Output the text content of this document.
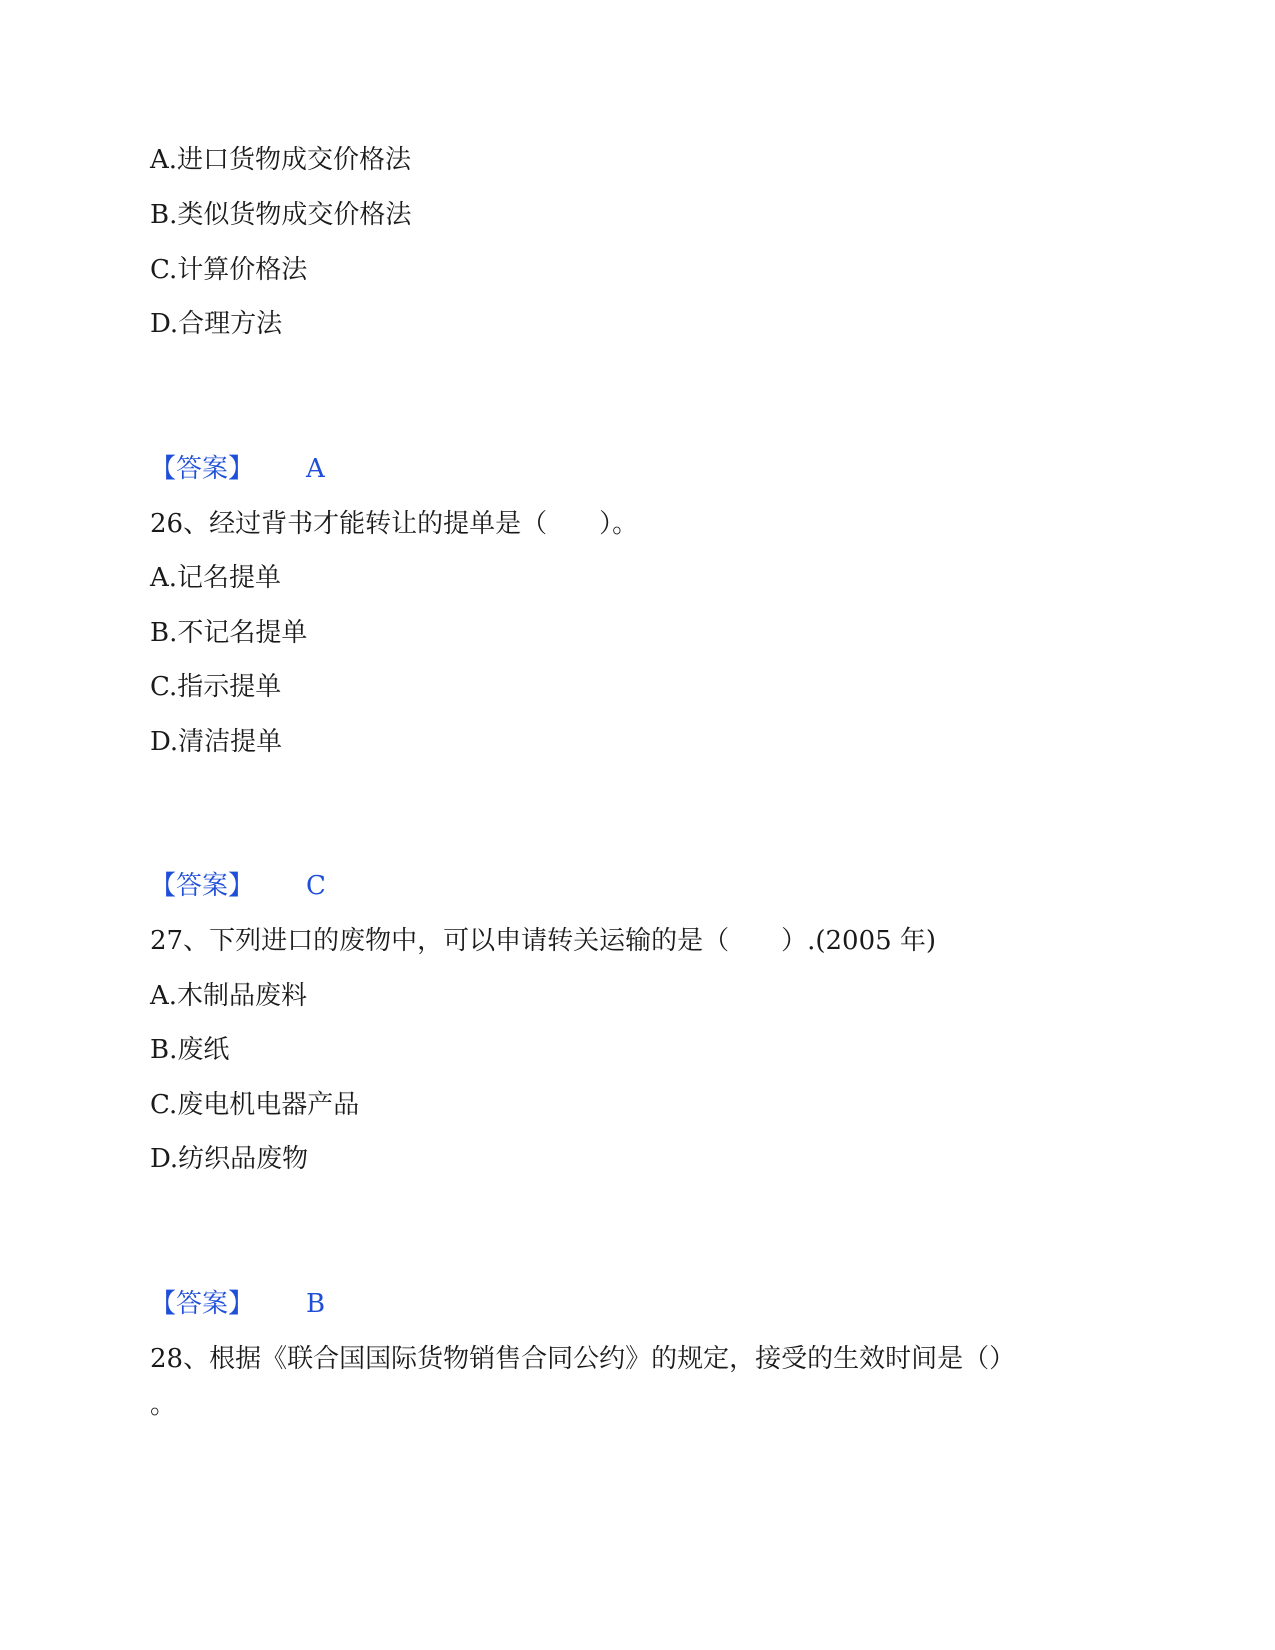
A.进口货物成交价格法
B.类似货物成交价格法
C.计算价格法
D.合理方法
【答案】 A
26、经过背书才能转让的提单是（　　）。
A.记名提单
B.不记名提单
C.指示提单
D.清洁提单
【答案】 C
27、下列进口的废物中，可以申请转关运输的是（　　）.(2005 年)
A.木制品废料
B.废纸
C.废电机电器产品
D.纺织品废物
【答案】 B
28、根据《联合国国际货物销售合同公约》的规定，接受的生效时间是（）
。
